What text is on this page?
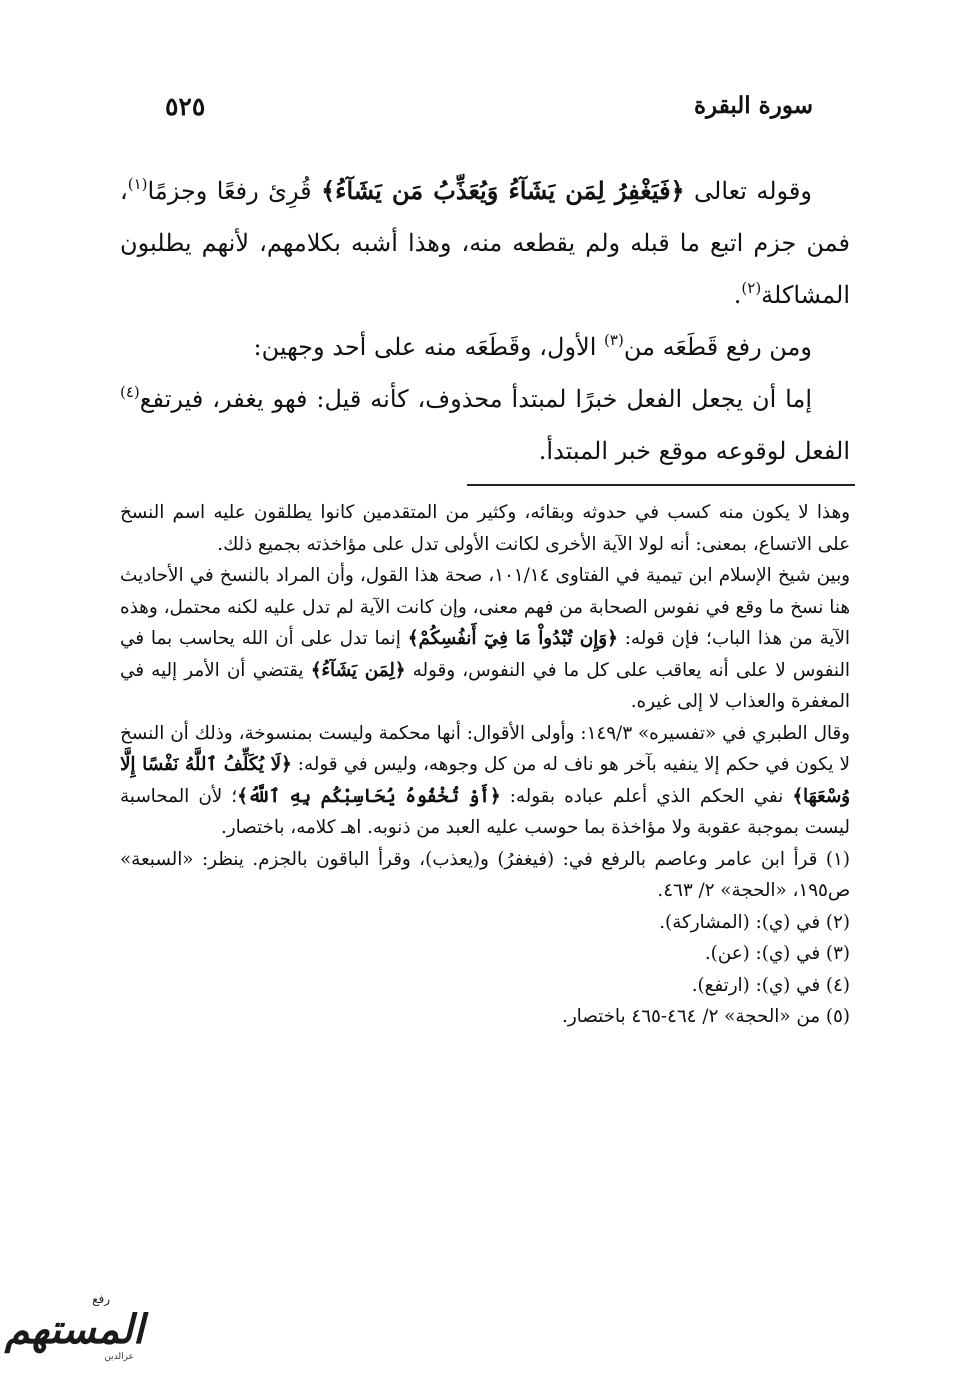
سورة البقرة
٥٢٥

وقوله تعالى ﴿فَيَغْفِرُ لِمَن يَشَآءُ وَيُعَذِّبُ مَن يَشَآءُ﴾ قُرِئ رفعًا وجزمًا$^{(١)}$، فمن جزم اتبع ما قبله ولم يقطعه منه، وهذا أشبه بكلامهم، لأنهم يطلبون المشاكلة$^{(٢)}$.

ومن رفع قَطَعَه من$^{(٣)}$ الأول، وقَطَعَه منه على أحد وجهين:

إما أن يجعل الفعل خبرًا لمبتدأ محذوف، كأنه قيل: فهو يغفر، فيرتفع$^{(٤)}$ الفعل لوقوعه موقع خبر المبتدأ.

وهذا لا يكون منه كسب في حدوثه وبقائه، وكثير من المتقدمين كانوا يطلقون عليه اسم النسخ على الاتساع، بمعنى: أنه لولا الآية الأخرى لكانت الأولى تدل على مؤاخذته بجميع ذلك.

وبين شيخ الإسلام ابن تيمية في الفتاوى ١٠١/١٤، صحة هذا القول، وأن المراد بالنسخ في الأحاديث هنا نسخ ما وقع في نفوس الصحابة من فهم معنى، وإن كانت الآية لم تدل عليه لكنه محتمل، وهذه الآية من هذا الباب؛ فإن قوله: ﴿وَإِن تُبْدُواْ مَا فِيٓ أَنفُسِكُمْ﴾ إنما تدل على أن الله يحاسب بما في النفوس لا على أنه يعاقب على كل ما في النفوس، وقوله ﴿لِمَن يَشَآءُ﴾ يقتضي أن الأمر إليه في المغفرة والعذاب لا إلى غيره.

وقال الطبري في «تفسيره» ١٤٩/٣: وأولى الأقوال: أنها محكمة وليست بمنسوخة، وذلك أن النسخ لا يكون في حكم إلا ينفيه بآخر هو ناف له من كل وجوهه، وليس في قوله: ﴿لَا يُكَلِّفُ ٱللَّهُ نَفْسًا إِلَّا وُسْعَهَا﴾ نفي الحكم الذي أعلم عباده بقوله: ﴿أَوْ تُخْفُوهُ يُحَاسِبْكُم بِهِ ٱللَّهُ﴾؛ لأن المحاسبة ليست بموجبة عقوبة ولا مؤاخذة بما حوسب عليه العبد من ذنوبه. اهـ كلامه، باختصار.

(١) قرأ ابن عامر وعاصم بالرفع في: (فيغفرُ) و(يعذب)، وقرأ الباقون بالجزم. ينظر: «السبعة» ص١٩٥، «الحجة» ٢/ ٤٦٣.

(٢) في (ي): (المشاركة).

(٣) في (ي): (عن).

(٤) في (ي): (ارتفع).

(٥) من «الحجة» ٢/ ٤٦٤-٤٦٥ باختصار.

رفع
المستهم
عزالدين
